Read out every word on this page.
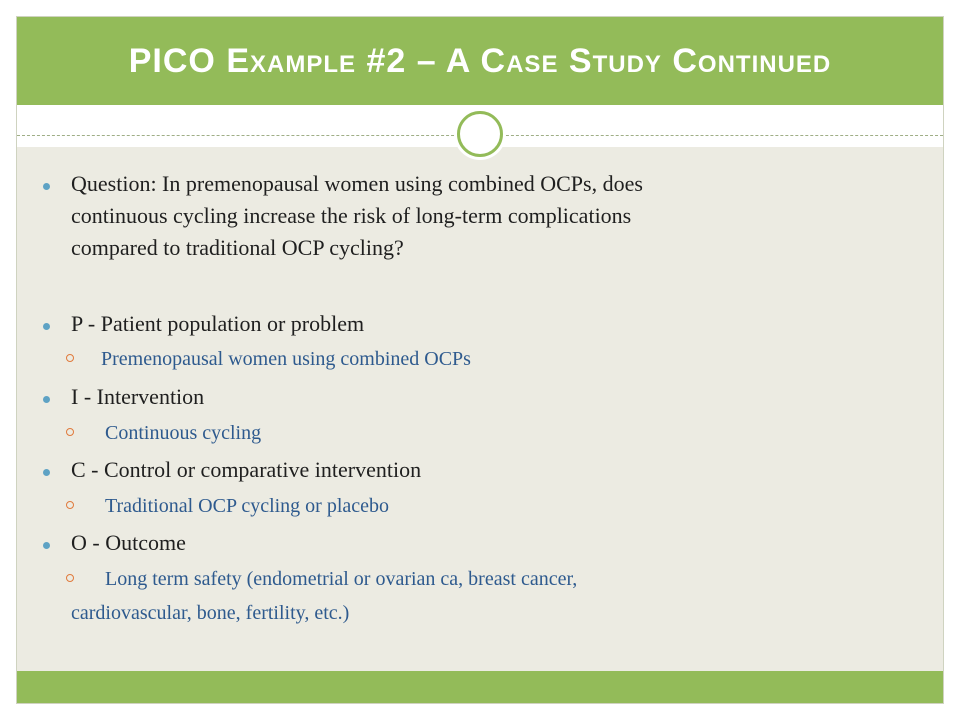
PICO Example #2 – A Case Study Continued
Question: In premenopausal women using combined OCPs, does
continuous cycling increase the risk of long-term complications
compared to traditional OCP cycling?
P - Patient population or problem
Premenopausal women using combined OCPs
I - Intervention
Continuous cycling
C - Control or comparative intervention
Traditional OCP cycling or placebo
O - Outcome
Long term safety (endometrial or ovarian ca, breast cancer,
cardiovascular, bone, fertility, etc.)
